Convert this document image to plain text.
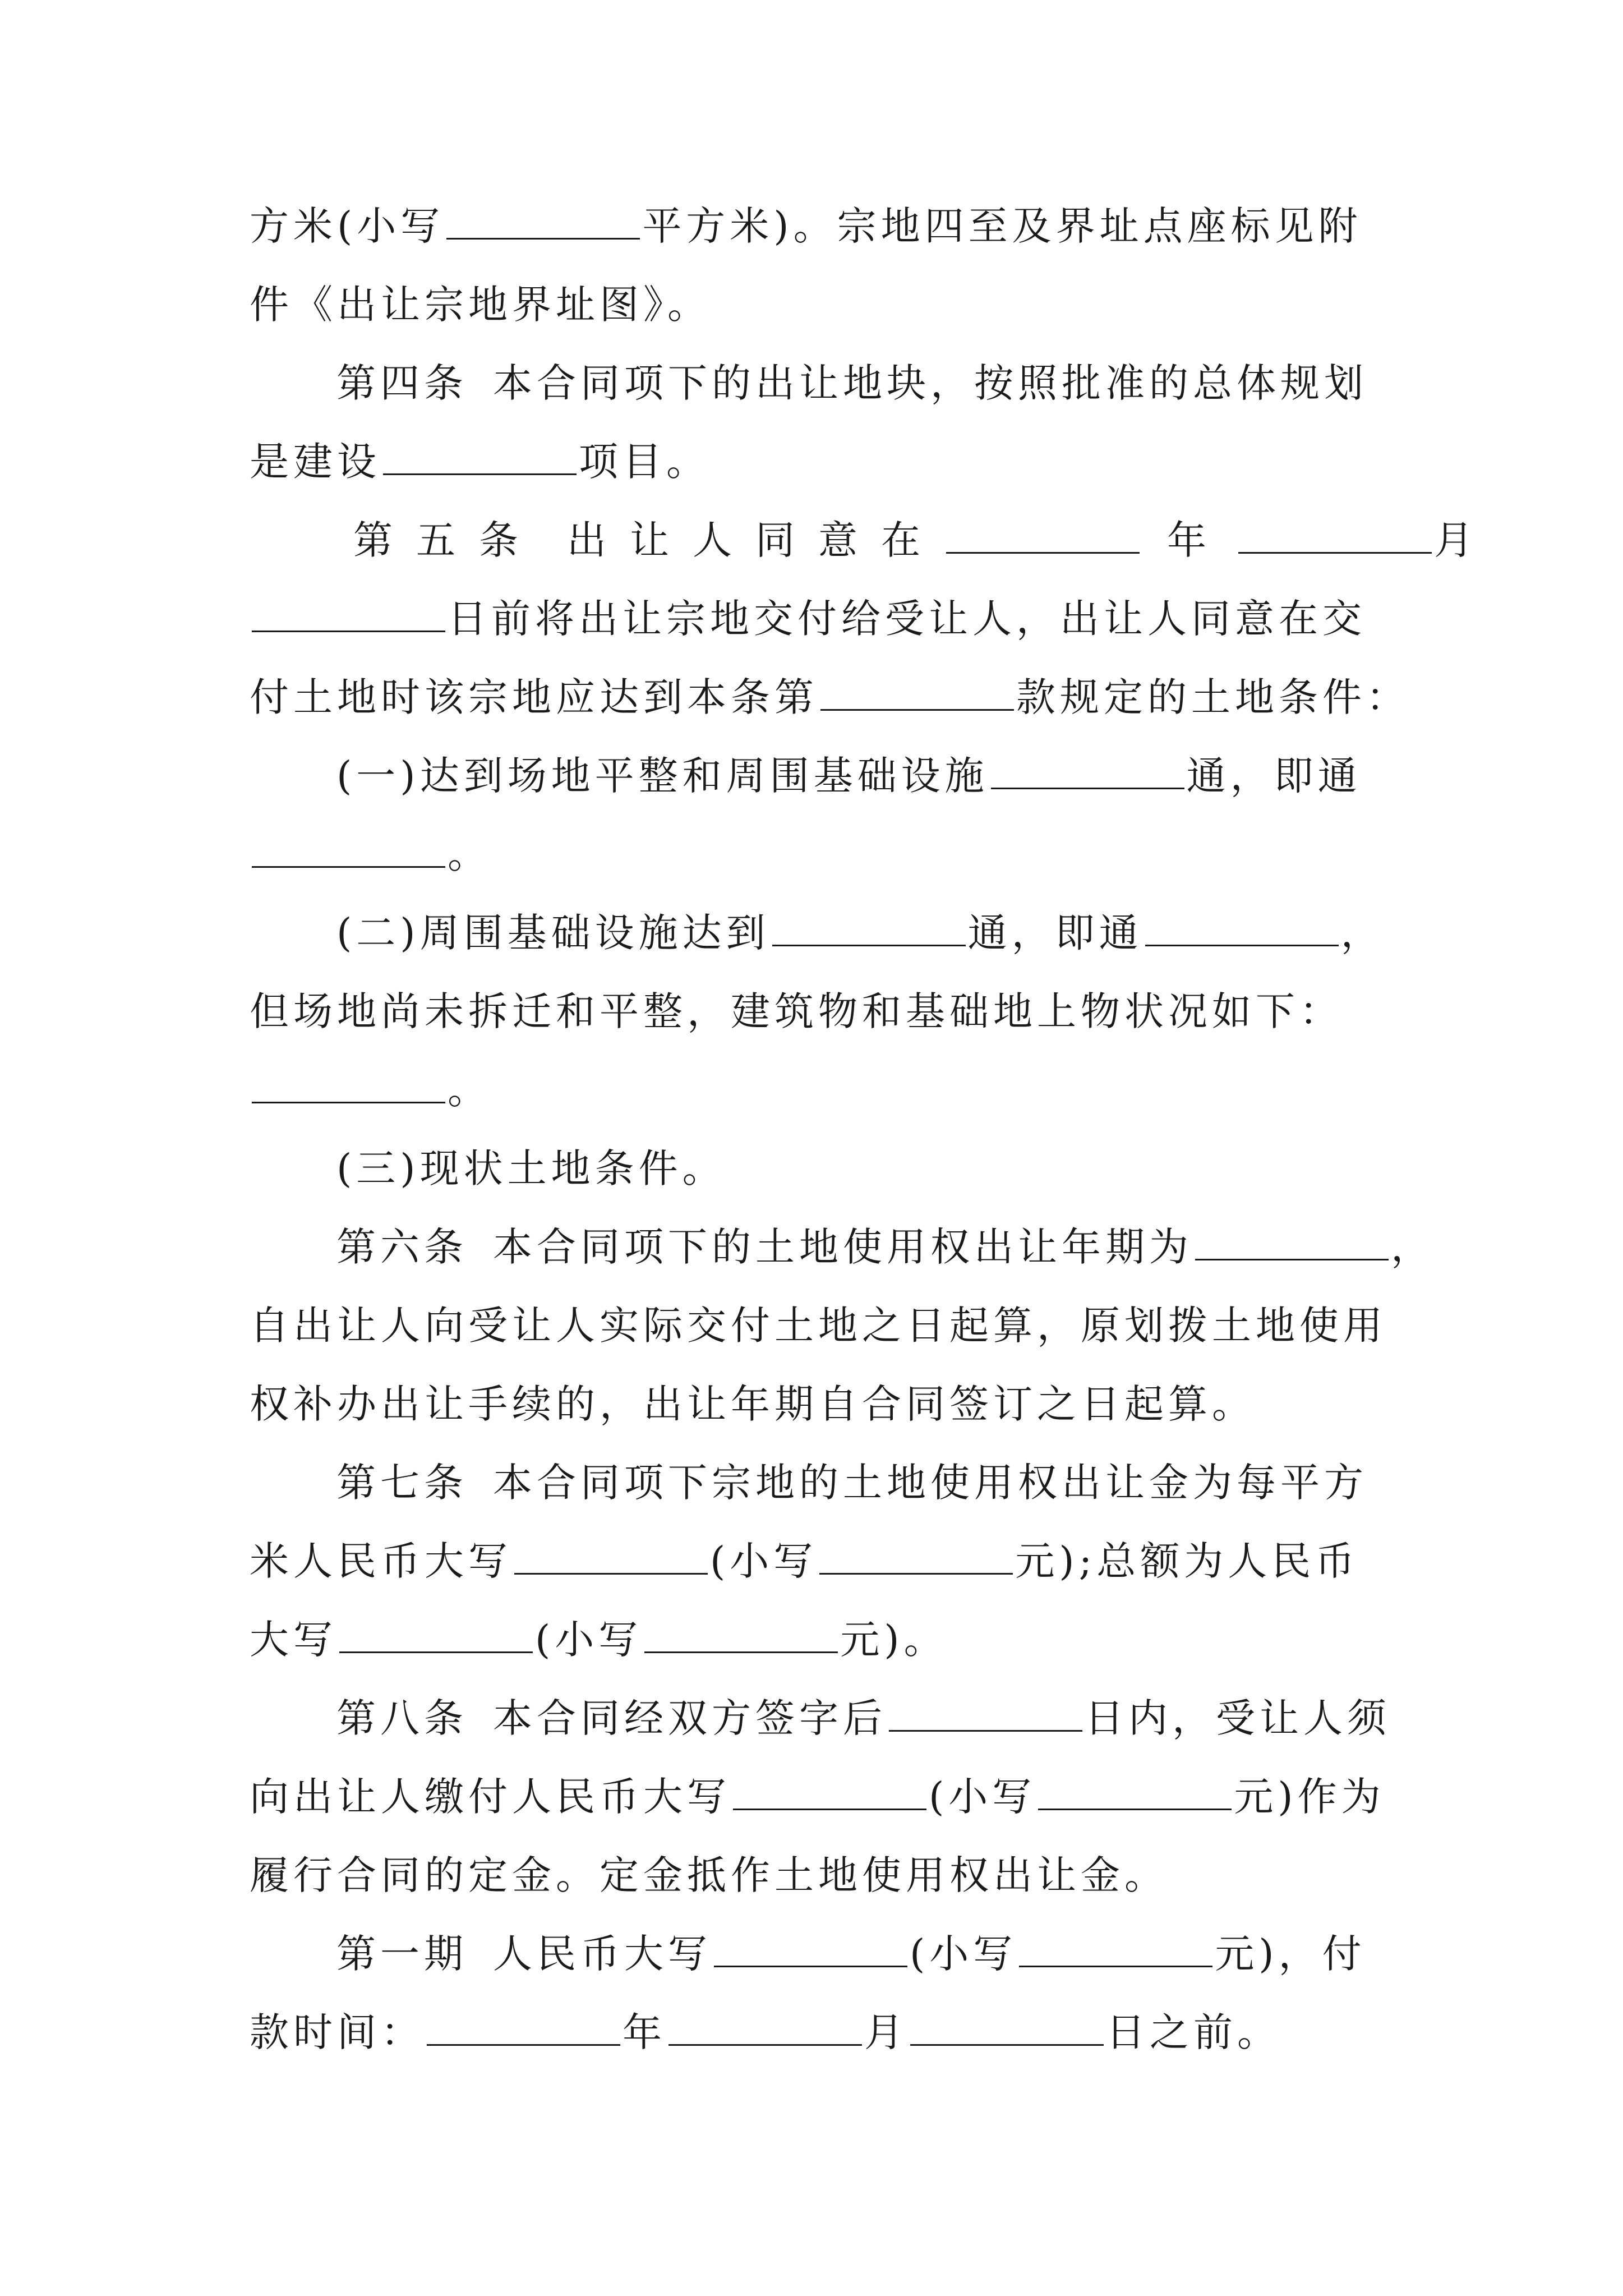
方米(小写	平方米)。宗地四至及界址点座标见附
件《出让宗地界址图》。
第四条 本合同项下的出让地块，按照批准的总体规划
是建设	项目。
第五条 出让人同意在	年	月
日前将出让宗地交付给受让人，出让人同意在交
付土地时该宗地应达到本条第	款规定的土地条件：
(一)达到场地平整和周围基础设施	通，即通
。
(二)周围基础设施达到	通，即通	，
但场地尚未拆迁和平整，建筑物和基础地上物状况如下：
。
(三)现状土地条件。
第六条 本合同项下的土地使用权出让年期为	，
自出让人向受让人实际交付土地之日起算，原划拨土地使用
权补办出让手续的，出让年期自合同签订之日起算。
第七条 本合同项下宗地的土地使用权出让金为每平方
米人民币大写	(小写	元);总额为人民币
大写	(小写	元)。
第八条 本合同经双方签字后	日内，受让人须
向出让人缴付人民币大写	(小写	元)作为
履行合同的定金。定金抵作土地使用权出让金。
第一期 人民币大写	(小写	元)，付
款时间：	年	月	日之前。
